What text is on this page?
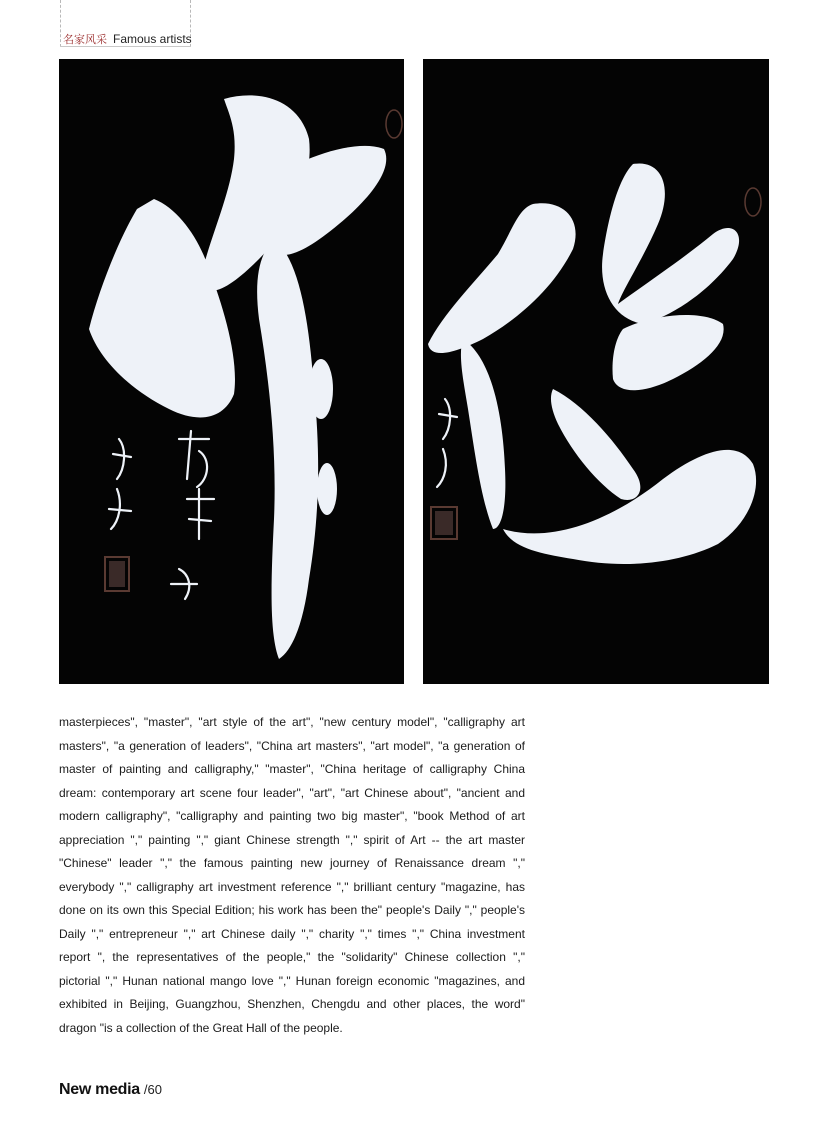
名家风采 Famous artists

masterpieces", "master", "art style of the art", "new century model", "calligraphy art masters", "a generation of leaders", "China art masters", "art model", "a generation of master of painting and calligraphy," "master", "China heritage of calligraphy China dream: contemporary art scene four leader", "art", "art Chinese about", "ancient and modern calligraphy", "calligraphy and painting two big master", "book Method of art appreciation "," painting "," giant Chinese strength "," spirit of Art -- the art master "Chinese" leader "," the famous painting new journey of Renaissance dream "," everybody "," calligraphy art investment reference "," brilliant century "magazine, has done on its own this Special Edition; his work has been the" people's Daily "," people's Daily "," entrepreneur "," art Chinese daily "," charity "," times "," China investment report ", the representatives of the people," the "solidarity" Chinese collection "," pictorial "," Hunan national mango love "," Hunan foreign economic "magazines, and exhibited in Beijing, Guangzhou, Shenzhen, Chengdu and other places, the word" dragon "is a collection of the Great Hall of the people.

New media /60
